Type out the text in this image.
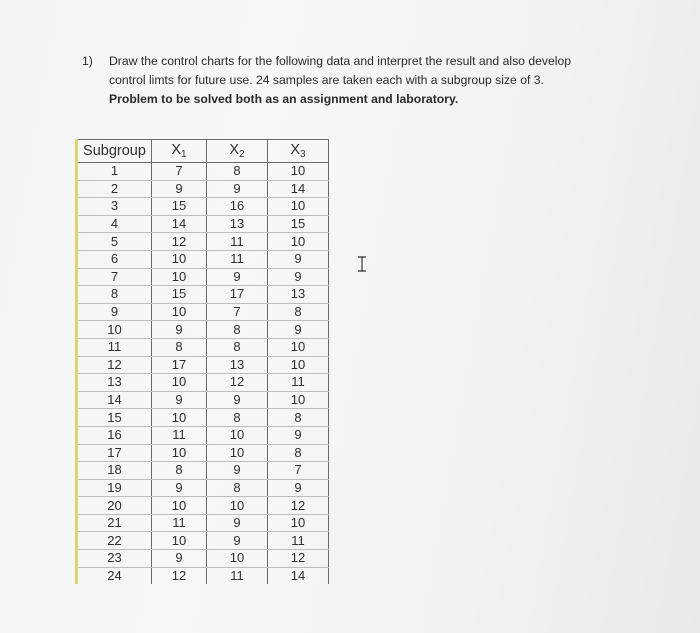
1) Draw the control charts for the following data and interpret the result and also develop
control limts for future use. 24 samples are taken each with a subgroup size of 3.
Problem to be solved both as an assignment and laboratory.
Subgroup	$X_1$	$X_2$	$X_3$
1	7	8	10
2	9	9	14
3	15	16	10
4	14	13	15
5	12	11	10
6	10	11	9
7	10	9	9
8	15	17	13
9	10	7	8
10	9	8	9
11	8	8	10
12	17	13	10
13	10	12	11
14	9	9	10
15	10	8	8
16	11	10	9
17	10	10	8
18	8	9	7
19	9	8	9
20	10	10	12
21	11	9	10
22	10	9	11
23	9	10	12
24	12	11	14
